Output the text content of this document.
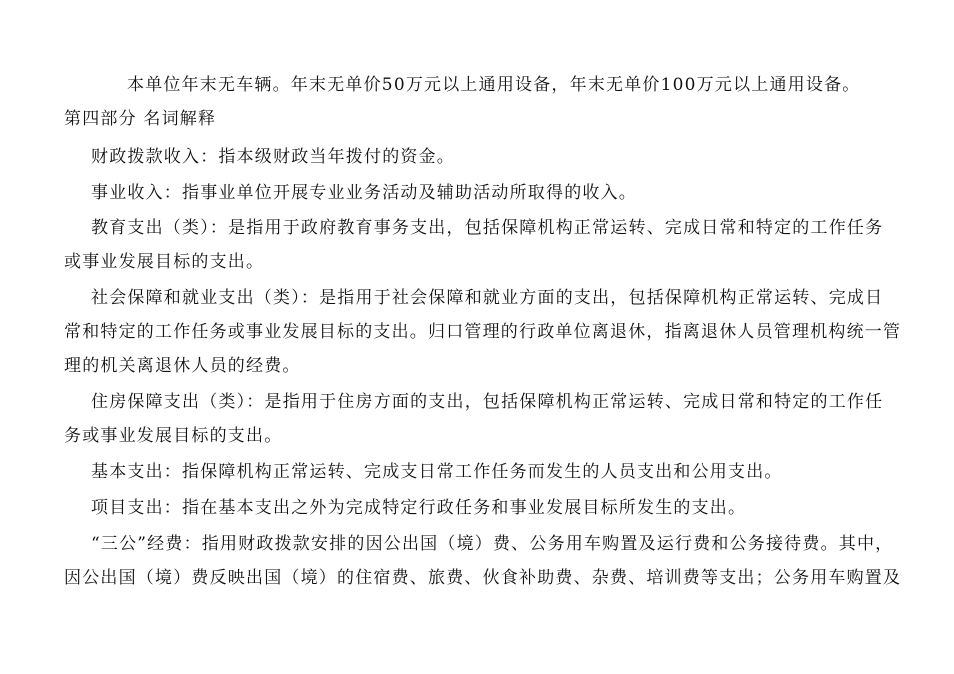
本单位年末无车辆。年末无单价50万元以上通用设备，年末无单价100万元以上通用设备。
第四部分 名词解释
财政拨款收入：指本级财政当年拨付的资金。
事业收入：指事业单位开展专业业务活动及辅助活动所取得的收入。
教育支出（类）：是指用于政府教育事务支出，包括保障机构正常运转、完成日常和特定的工作任务
或事业发展目标的支出。
社会保障和就业支出（类）：是指用于社会保障和就业方面的支出，包括保障机构正常运转、完成日
常和特定的工作任务或事业发展目标的支出。归口管理的行政单位离退休，指离退休人员管理机构统一管
理的机关离退休人员的经费。
住房保障支出（类）：是指用于住房方面的支出，包括保障机构正常运转、完成日常和特定的工作任
务或事业发展目标的支出。
基本支出：指保障机构正常运转、完成支日常工作任务而发生的人员支出和公用支出。
项目支出：指在基本支出之外为完成特定行政任务和事业发展目标所发生的支出。
“三公”经费：指用财政拨款安排的因公出国（境）费、公务用车购置及运行费和公务接待费。其中，
因公出国（境）费反映出国（境）的住宿费、旅费、伙食补助费、杂费、培训费等支出；公务用车购置及
